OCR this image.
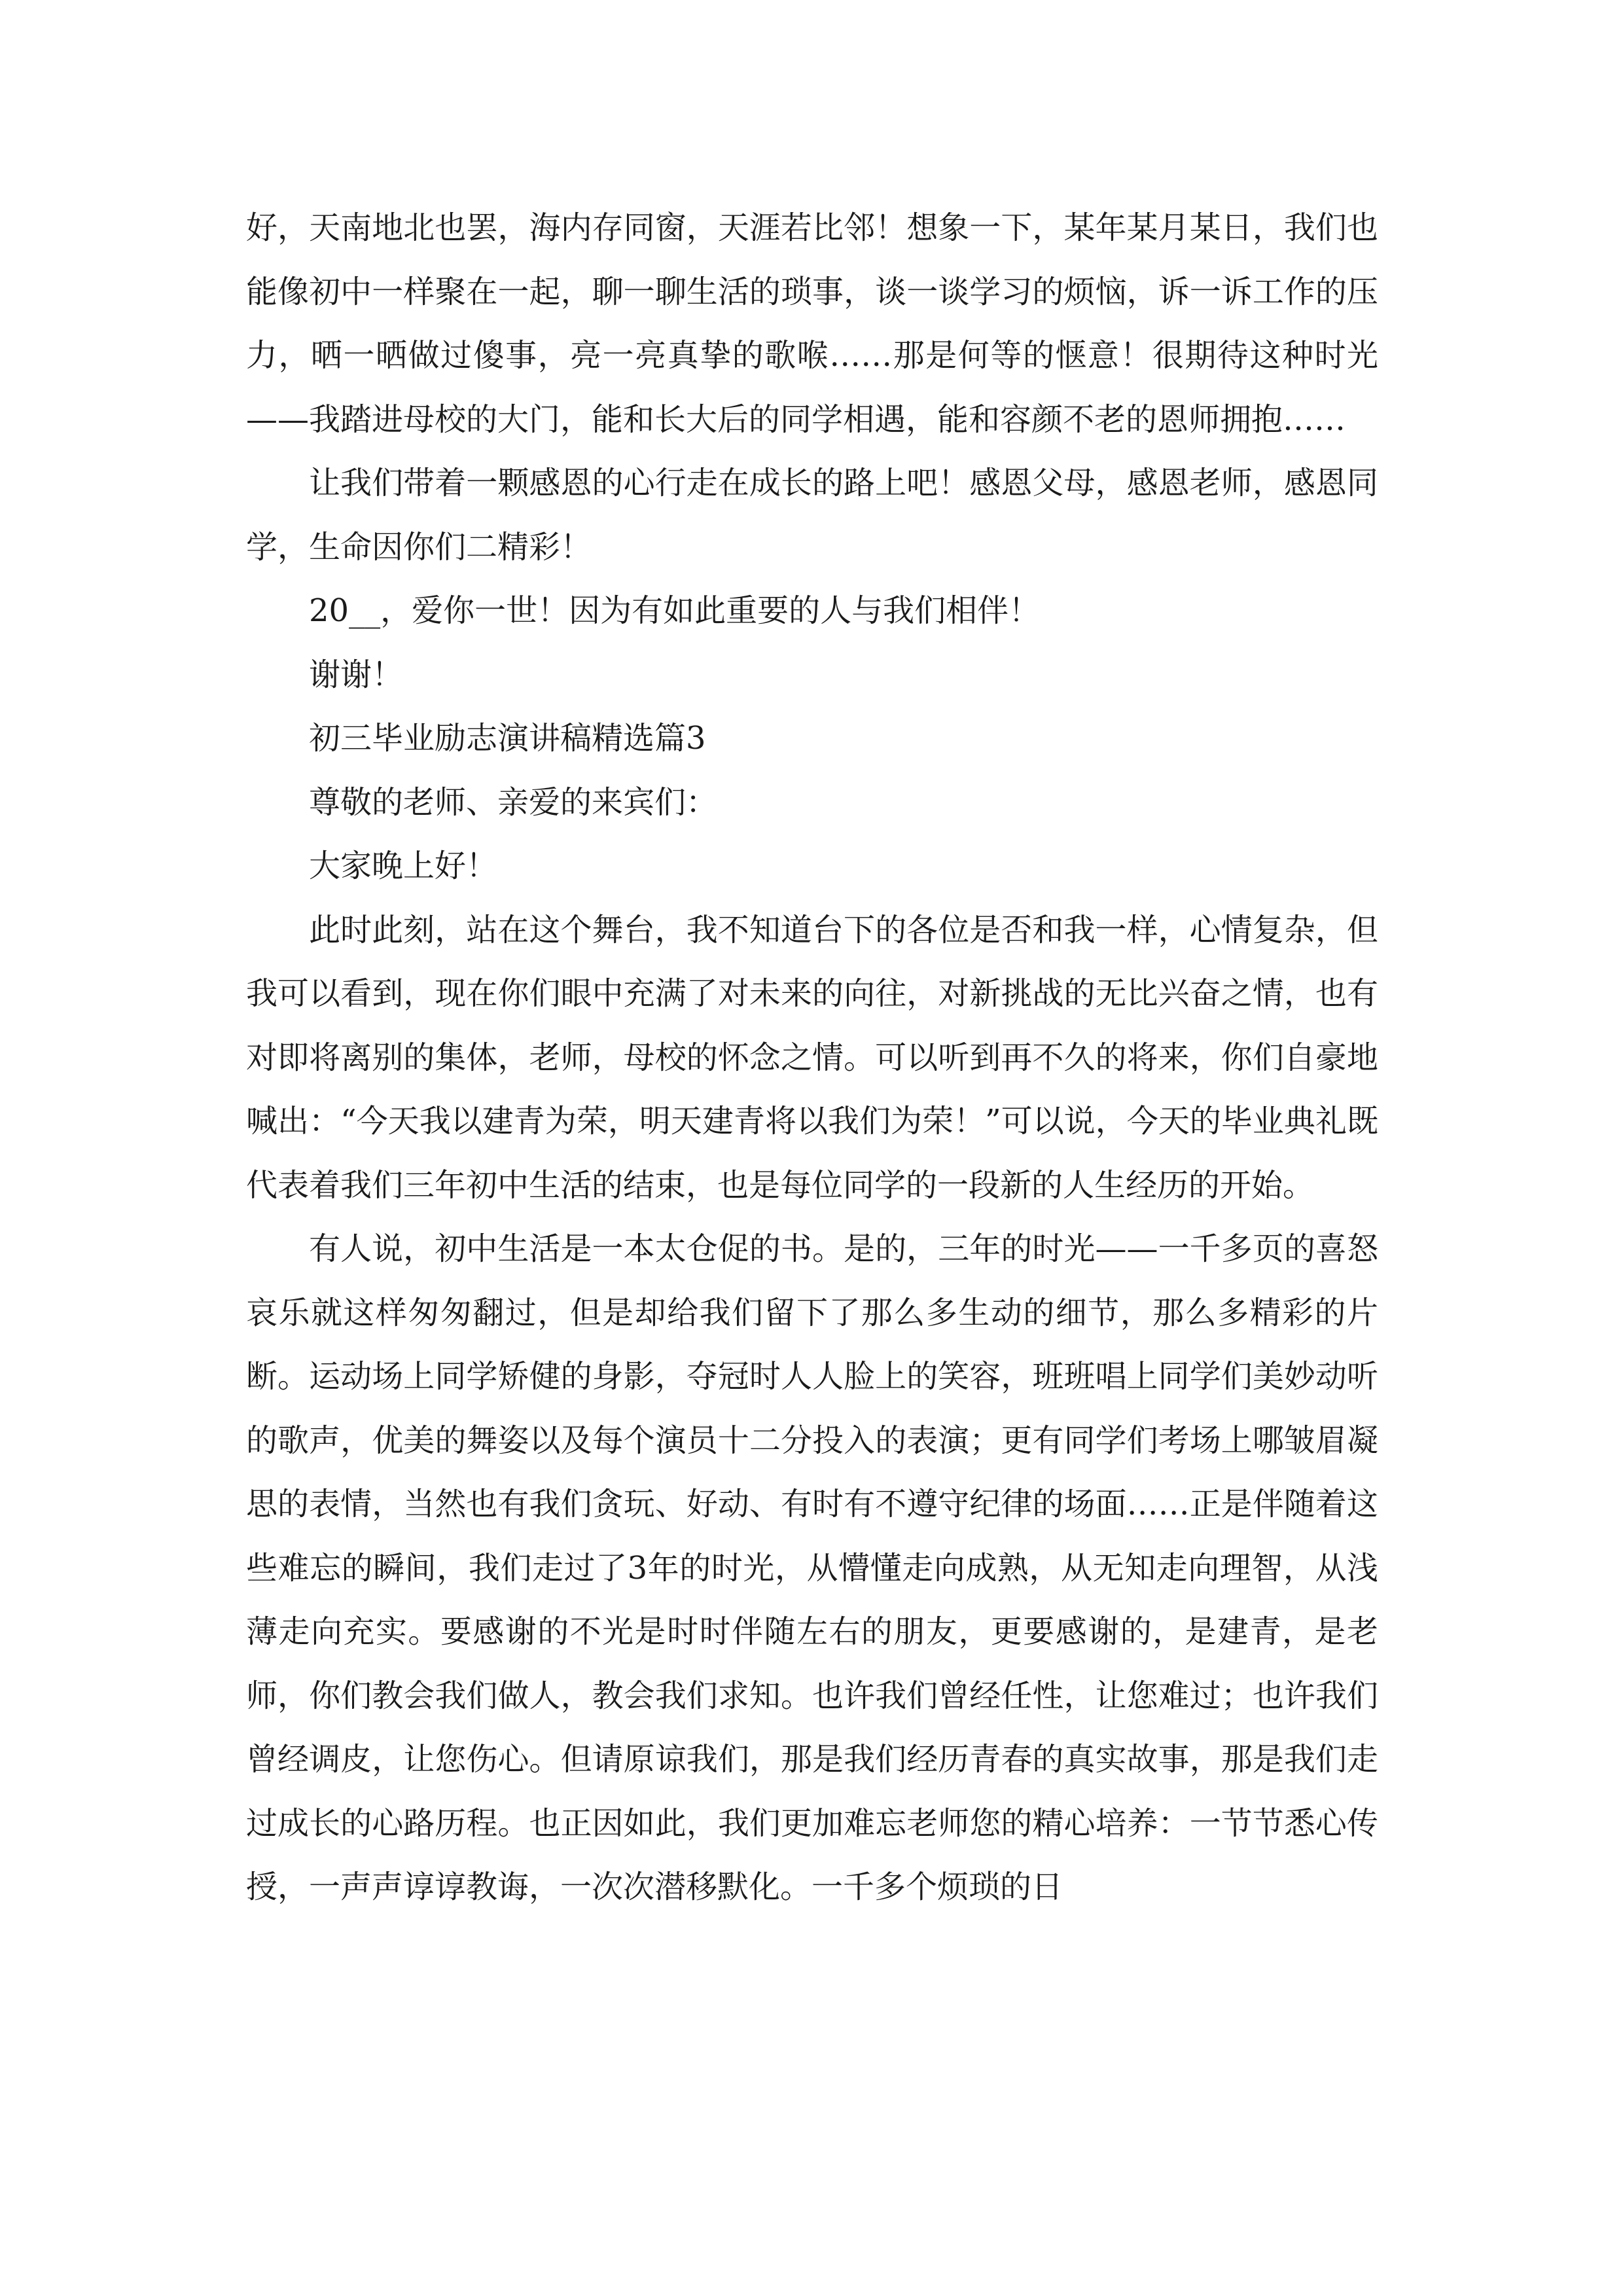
好，天南地北也罢，海内存同窗，天涯若比邻！想象一下，某年某月某日，我们也能像初中一样聚在一起，聊一聊生活的琐事，谈一谈学习的烦恼，诉一诉工作的压力，晒一晒做过傻事，亮一亮真挚的歌喉……那是何等的惬意！很期待这种时光——我踏进母校的大门，能和长大后的同学相遇，能和容颜不老的恩师拥抱……

让我们带着一颗感恩的心行走在成长的路上吧！感恩父母，感恩老师，感恩同学，生命因你们二精彩！

20__，爱你一世！因为有如此重要的人与我们相伴！

谢谢！

初三毕业励志演讲稿精选篇3

尊敬的老师、亲爱的来宾们：

大家晚上好！

此时此刻，站在这个舞台，我不知道台下的各位是否和我一样，心情复杂，但我可以看到，现在你们眼中充满了对未来的向往，对新挑战的无比兴奋之情，也有对即将离别的集体，老师，母校的怀念之情。可以听到再不久的将来，你们自豪地喊出：“今天我以建青为荣，明天建青将以我们为荣！”可以说，今天的毕业典礼既代表着我们三年初中生活的结束，也是每位同学的一段新的人生经历的开始。

有人说，初中生活是一本太仓促的书。是的，三年的时光——一千多页的喜怒哀乐就这样匆匆翻过，但是却给我们留下了那么多生动的细节，那么多精彩的片断。运动场上同学矫健的身影，夺冠时人人脸上的笑容，班班唱上同学们美妙动听的歌声，优美的舞姿以及每个演员十二分投入的表演；更有同学们考场上哪皱眉凝思的表情，当然也有我们贪玩、好动、有时有不遵守纪律的场面……正是伴随着这些难忘的瞬间，我们走过了3年的时光，从懵懂走向成熟，从无知走向理智，从浅薄走向充实。要感谢的不光是时时伴随左右的朋友，更要感谢的，是建青，是老师，你们教会我们做人，教会我们求知。也许我们曾经任性，让您难过；也许我们曾经调皮，让您伤心。但请原谅我们，那是我们经历青春的真实故事，那是我们走过成长的心路历程。也正因如此，我们更加难忘老师您的精心培养：一节节悉心传授，一声声谆谆教诲，一次次潜移默化。一千多个烦琐的日
